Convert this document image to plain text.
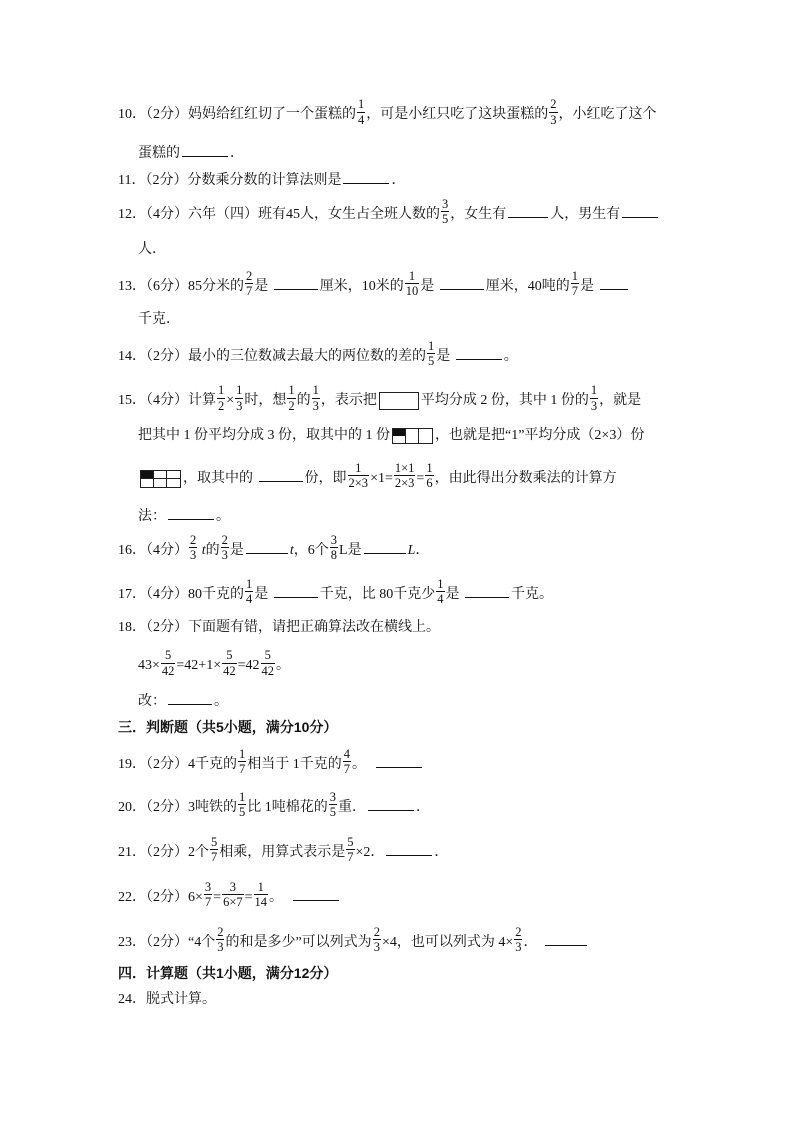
10．（2分）妈妈给红红切了一个蛋糕的 $\frac{1}{4}$ ，可是小红只吃了这块蛋糕的 $\frac{2}{3}$ ，小红吃了这个
蛋糕的	．
11．（2分）分数乘分数的计算法则是	．
12．（4分）六年（四）班有45人，女生占全班人数的 $\frac{3}{5}$ ，女生有	人，男生有
人．
13．（6分）85分米的 $\frac{2}{7}$ 是	厘米，10米的 $\frac{1}{10}$ 是	厘米，40吨的 $\frac{1}{7}$ 是
千克．
14．（2分）最小的三位数减去最大的两位数的差的 $\frac{1}{5}$ 是	。
15．（4分）计算 $\frac{1}{2} \times \frac{1}{3}$ 时，想 $\frac{1}{2}$ 的 $\frac{1}{3}$ ，表示把	平均分成 2 份，其中 1 份的 $\frac{1}{3}$ ，就是
把其中 1 份平均分成 3 份，取其中的 1 份	，也就是把“1”平均分成（2×3）份
，取其中的	份，即 $\frac{1}{2\times 3} \times 1= \frac{1\times 1}{2\times 3} = \frac{1}{6}$ ，由此得出分数乘法的计算方
法：	。
16．（4分） $\frac{2}{3}$ t的 $\frac{2}{3}$ 是	t，6个 $\frac{3}{8}$ L是	L．
17．（4分）80千克的 $\frac{1}{4}$ 是	千克，比 80千克少 $\frac{1}{4}$ 是	千克。
18．（2分）下面题有错，请把正确算法改在横线上。
$43\times \frac{5}{42} =42+1\times \frac{5}{42} =42 \frac{5}{42}$ 。
改：	。
三．判断题（共5小题，满分10分）
19．（2分）4千克的 $\frac{1}{7}$ 相当于 1千克的 $\frac{4}{7}$ 。
20．（2分）3吨铁的 $\frac{1}{5}$ 比 1吨棉花的 $\frac{3}{5}$ 重．	．
21．（2分）2个 $\frac{5}{7}$ 相乘，用算式表示是 $\frac{5}{7} \times 2$．	．
22．（2分）$6\times \frac{3}{7} = \frac{3}{6\times 7} = \frac{1}{14}$ 。
23．（2分）“4个 $\frac{2}{3}$ 的和是多少”可以列式为 $\frac{2}{3} \times 4$，也可以列式为 $4\times \frac{2}{3}$ ．
四．计算题（共1小题，满分12分）
24．脱式计算。
